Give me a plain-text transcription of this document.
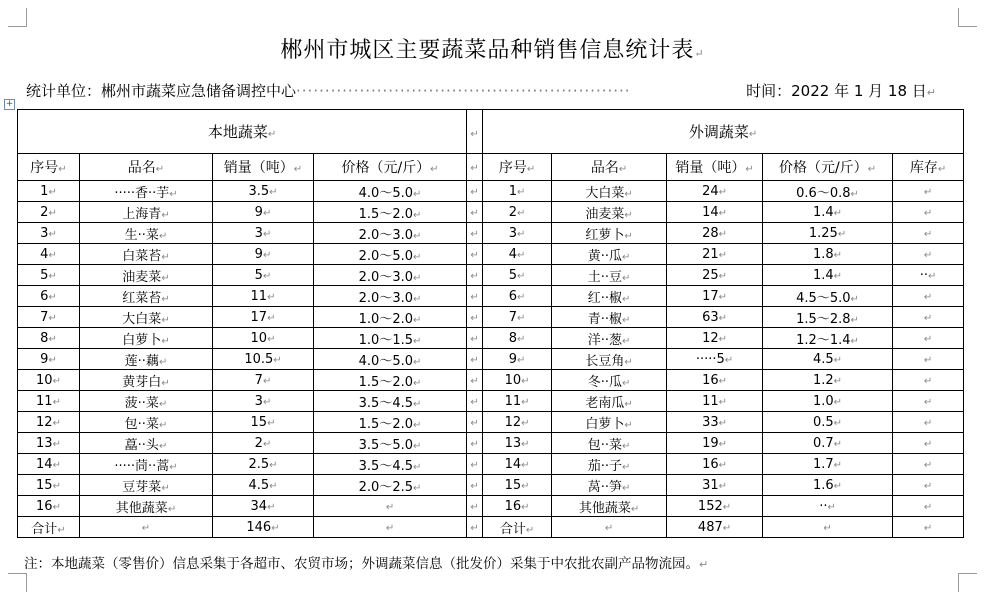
郴州市城区主要蔬菜品种销售信息统计表↵
统计单位：郴州市蔬菜应急储备调控中心··························································	时间：2022 年 1 月 18 日↵
+
本地蔬菜↵				↵	外调蔬菜↵				
序号↵	品名↵	销量（吨）↵	价格（元/斤）↵	↵	序号↵	品名↵	销量（吨）↵	价格（元/斤）↵	库存↵
1↵	·····香··芋↵	3.5↵	4.0～5.0↵	↵	1↵	大白菜↵	24↵	0.6～0.8↵	↵
2↵	上海青↵	9↵	1.5～2.0↵	↵	2↵	油麦菜↵	14↵	1.4↵	↵
3↵	生··菜↵	3↵	2.0～3.0↵	↵	3↵	红萝卜↵	28↵	1.25↵	↵
4↵	白菜苔↵	9↵	2.0～5.0↵	↵	4↵	黄··瓜↵	21↵	1.8↵	↵
5↵	油麦菜↵	5↵	2.0～3.0↵	↵	5↵	土··豆↵	25↵	1.4↵	··↵
6↵	红菜苔↵	11↵	2.0～3.0↵	↵	6↵	红··椒↵	17↵	4.5～5.0↵	↵
7↵	大白菜↵	17↵	1.0～2.0↵	↵	7↵	青··椒↵	63↵	1.5～2.8↵	↵
8↵	白萝卜↵	10↵	1.0～1.5↵	↵	8↵	洋··葱↵	12↵	1.2～1.4↵	↵
9↵	莲··藕↵	10.5↵	4.0～5.0↵	↵	9↵	长豆角↵	·····5↵	4.5↵	↵
10↵	黄芽白↵	7↵	1.5～2.0↵	↵	10↵	冬··瓜↵	16↵	1.2↵	↵
11↵	菠··菜↵	3↵	3.5～4.5↵	↵	11↵	老南瓜↵	11↵	1.0↵	↵
12↵	包··菜↵	15↵	1.5～2.0↵	↵	12↵	白萝卜↵	33↵	0.5↵	↵
13↵	藠··头↵	2↵	3.5～5.0↵	↵	13↵	包··菜↵	19↵	0.7↵	↵
14↵	·····茼··蒿↵	2.5↵	3.5～4.5↵	↵	14↵	茄··子↵	16↵	1.7↵	↵
15↵	豆芽菜↵	4.5↵	2.0～2.5↵	↵	15↵	莴··笋↵	31↵	1.6↵	↵
16↵	其他蔬菜↵	34↵	↵	↵	16↵	其他蔬菜↵	152↵	··↵	↵
合计↵	↵	146↵	↵	↵	合计↵	↵	487↵	↵	↵
注：本地蔬菜（零售价）信息采集于各超市、农贸市场；外调蔬菜信息（批发价）采集于中农批农副产品物流园。↵
